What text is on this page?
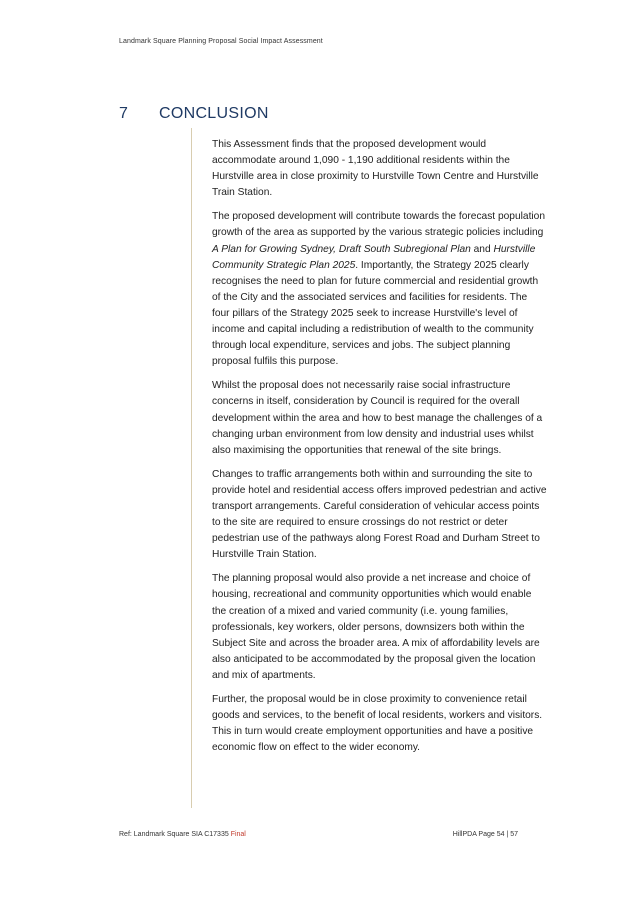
Landmark Square Planning Proposal Social Impact Assessment
7	CONCLUSION

This Assessment finds that the proposed development would accommodate around 1,090 - 1,190 additional residents within the Hurstville area in close proximity to Hurstville Town Centre and Hurstville Train Station.

The proposed development will contribute towards the forecast population growth of the area as supported by the various strategic policies including A Plan for Growing Sydney, Draft South Subregional Plan and Hurstville Community Strategic Plan 2025. Importantly, the Strategy 2025 clearly recognises the need to plan for future commercial and residential growth of the City and the associated services and facilities for residents. The four pillars of the Strategy 2025 seek to increase Hurstville's level of income and capital including a redistribution of wealth to the community through local expenditure, services and jobs. The subject planning proposal fulfils this purpose.

Whilst the proposal does not necessarily raise social infrastructure concerns in itself, consideration by Council is required for the overall development within the area and how to best manage the challenges of a changing urban environment from low density and industrial uses whilst also maximising the opportunities that renewal of the site brings.

Changes to traffic arrangements both within and surrounding the site to provide hotel and residential access offers improved pedestrian and active transport arrangements. Careful consideration of vehicular access points to the site are required to ensure crossings do not restrict or deter pedestrian use of the pathways along Forest Road and Durham Street to Hurstville Train Station.

The planning proposal would also provide a net increase and choice of housing, recreational and community opportunities which would enable the creation of a mixed and varied community (i.e. young families, professionals, key workers, older persons, downsizers both within the Subject Site and across the broader area. A mix of affordability levels are also anticipated to be accommodated by the proposal given the location and mix of apartments.

Further, the proposal would be in close proximity to convenience retail goods and services, to the benefit of local residents, workers and visitors. This in turn would create employment opportunities and have a positive economic flow on effect to the wider economy.

Ref: Landmark Square SIA C17335 Final	HillPDA Page 54 | 57
